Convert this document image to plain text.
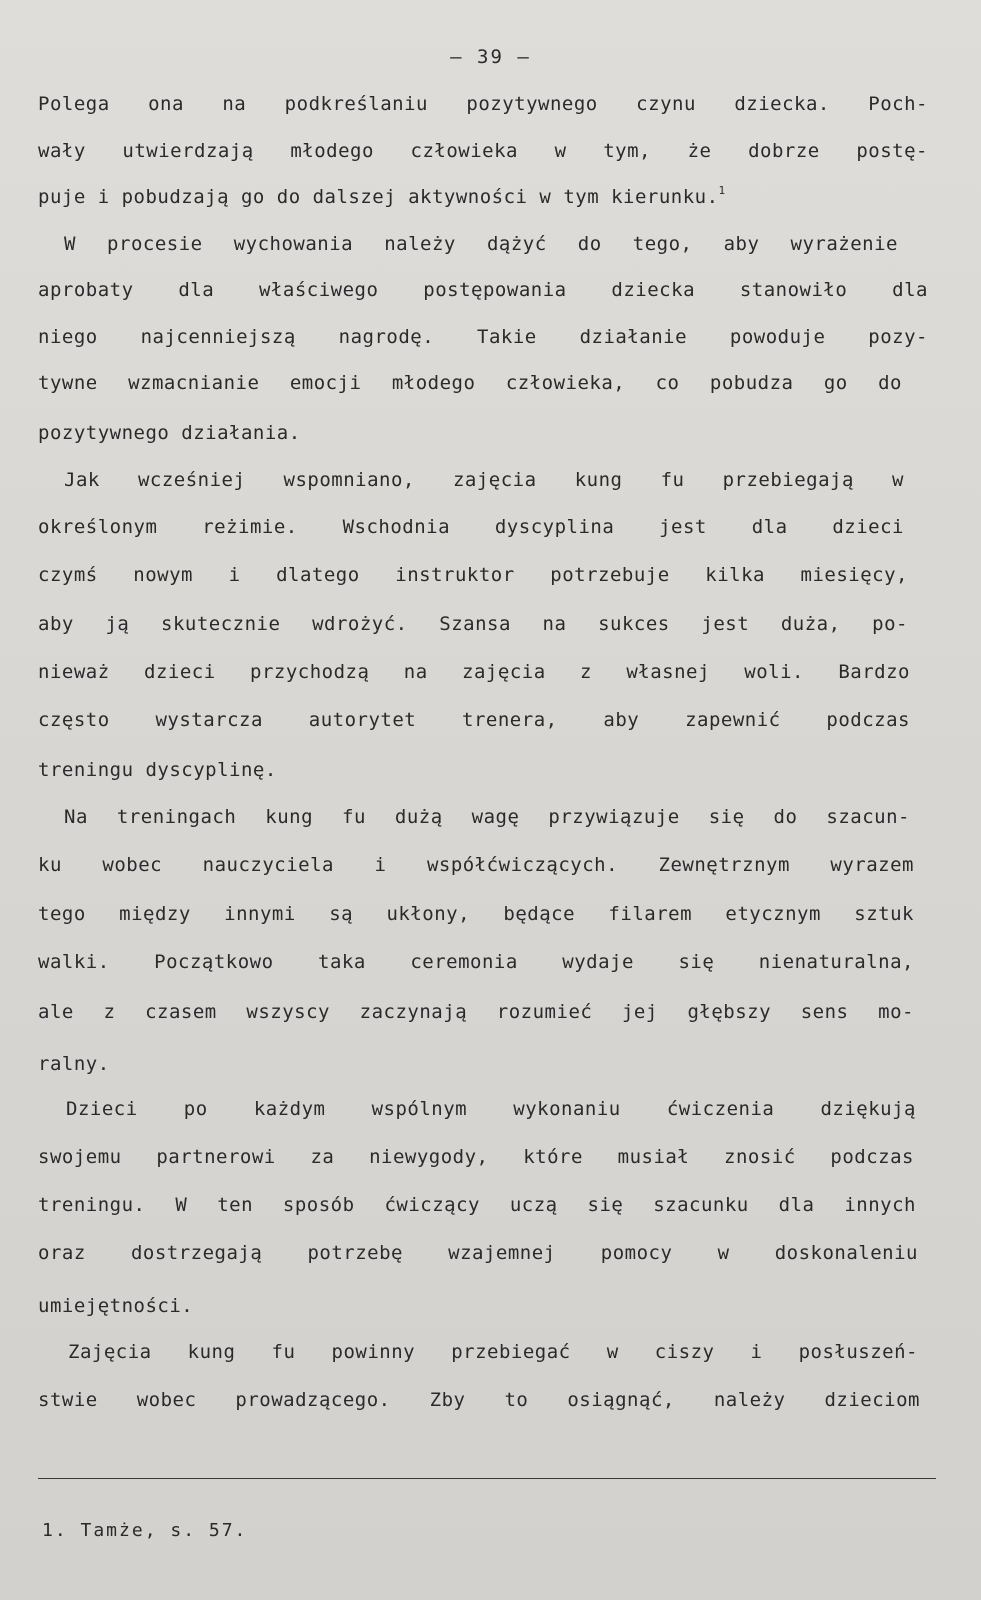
— 39 —
Polega ona na podkreślaniu pozytywnego czynu dziecka. Poch-
wały utwierdzają młodego człowieka w tym, że dobrze postę-
puje i pobudzają go do dalszej aktywności w tym kierunku.$^1$
W procesie wychowania należy dążyć do tego, aby wyrażenie
aprobaty dla właściwego postępowania dziecka stanowiło dla
niego najcenniejszą nagrodę. Takie działanie powoduje pozy-
tywne wzmacnianie emocji młodego człowieka, co pobudza go do
pozytywnego działania.
Jak wcześniej wspomniano, zajęcia kung fu przebiegają w
określonym reżimie. Wschodnia dyscyplina jest dla dzieci
czymś nowym i dlatego instruktor potrzebuje kilka miesięcy,
aby ją skutecznie wdrożyć. Szansa na sukces jest duża, po-
nieważ dzieci przychodzą na zajęcia z własnej woli. Bardzo
często wystarcza autorytet trenera, aby zapewnić podczas
treningu dyscyplinę.
Na treningach kung fu dużą wagę przywiązuje się do szacun-
ku wobec nauczyciela i współćwiczących. Zewnętrznym wyrazem
tego między innymi są ukłony, będące filarem etycznym sztuk
walki. Początkowo taka ceremonia wydaje się nienaturalna,
ale z czasem wszyscy zaczynają rozumieć jej głębszy sens mo-
ralny.
Dzieci po każdym wspólnym wykonaniu ćwiczenia dziękują
swojemu partnerowi za niewygody, które musiał znosić podczas
treningu. W ten sposób ćwiczący uczą się szacunku dla innych
oraz dostrzegają potrzebę wzajemnej pomocy w doskonaleniu
umiejętności.
Zajęcia kung fu powinny przebiegać w ciszy i posłuszeń-
stwie wobec prowadzącego. Zby to osiągnąć, należy dzieciom
1. Tamże, s. 57.
